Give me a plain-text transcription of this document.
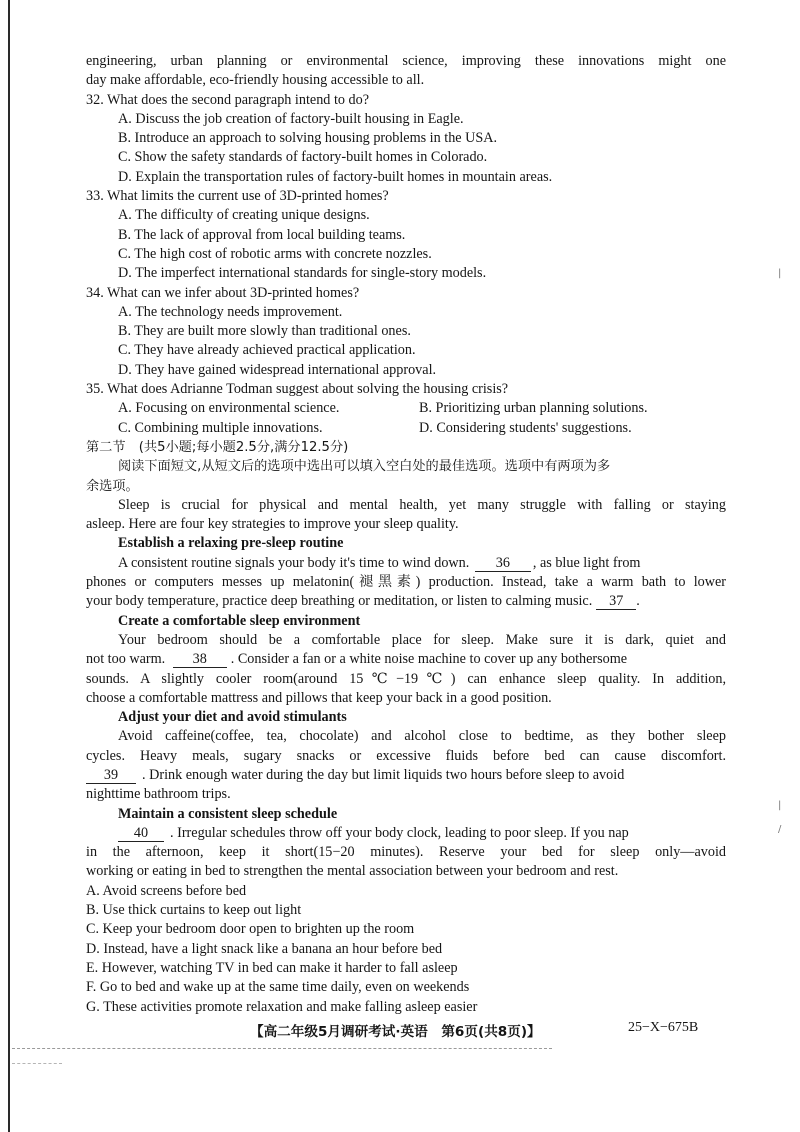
engineering, urban planning or environmental science, improving these innovations might one
day make affordable, eco-friendly housing accessible to all.
32. What does the second paragraph intend to do?
A. Discuss the job creation of factory-built housing in Eagle.
B. Introduce an approach to solving housing problems in the USA.
C. Show the safety standards of factory-built homes in Colorado.
D. Explain the transportation rules of factory-built homes in mountain areas.
33. What limits the current use of 3D-printed homes?
A. The difficulty of creating unique designs.
B. The lack of approval from local building teams.
C. The high cost of robotic arms with concrete nozzles.
D. The imperfect international standards for single-story models.
34. What can we infer about 3D-printed homes?
A. The technology needs improvement.
B. They are built more slowly than traditional ones.
C. They have already achieved practical application.
D. They have gained widespread international approval.
35. What does Adrianne Todman suggest about solving the housing crisis?
A. Focusing on environmental science.	B. Prioritizing urban planning solutions.
C. Combining multiple innovations.	D. Considering students' suggestions.
第二节　(共5小题;每小题2.5分,满分12.5分)
阅读下面短文,从短文后的选项中选出可以填入空白处的最佳选项。选项中有两项为多
余选项。
Sleep is crucial for physical and mental health, yet many struggle with falling or staying
asleep. Here are four key strategies to improve your sleep quality.
Establish a relaxing pre-sleep routine
A consistent routine signals your body it's time to wind down. 36 , as blue light from
phones or computers messes up melatonin(褪黑素) production. Instead, take a warm bath to lower
your body temperature, practice deep breathing or meditation, or listen to calming music. 37 .
Create a comfortable sleep environment
Your bedroom should be a comfortable place for sleep. Make sure it is dark, quiet and
not too warm. 38 . Consider a fan or a white noise machine to cover up any bothersome
sounds. A slightly cooler room(around 15℃−19℃) can enhance sleep quality. In addition,
choose a comfortable mattress and pillows that keep your back in a good position.
Adjust your diet and avoid stimulants
Avoid caffeine(coffee, tea, chocolate) and alcohol close to bedtime, as they bother sleep
cycles. Heavy meals, sugary snacks or excessive fluids before bed can cause discomfort.
39 . Drink enough water during the day but limit liquids two hours before sleep to avoid
nighttime bathroom trips.
Maintain a consistent sleep schedule
40 . Irregular schedules throw off your body clock, leading to poor sleep. If you nap
in the afternoon, keep it short(15−20 minutes). Reserve your bed for sleep only—avoid
working or eating in bed to strengthen the mental association between your bedroom and rest.
A. Avoid screens before bed
B. Use thick curtains to keep out light
C. Keep your bedroom door open to brighten up the room
D. Instead, have a light snack like a banana an hour before bed
E. However, watching TV in bed can make it harder to fall asleep
F. Go to bed and wake up at the same time daily, even on weekends
G. These activities promote relaxation and make falling asleep easier
【高二年级5月调研考试·英语　第6页(共8页)】	25−X−675B
|
|
/
